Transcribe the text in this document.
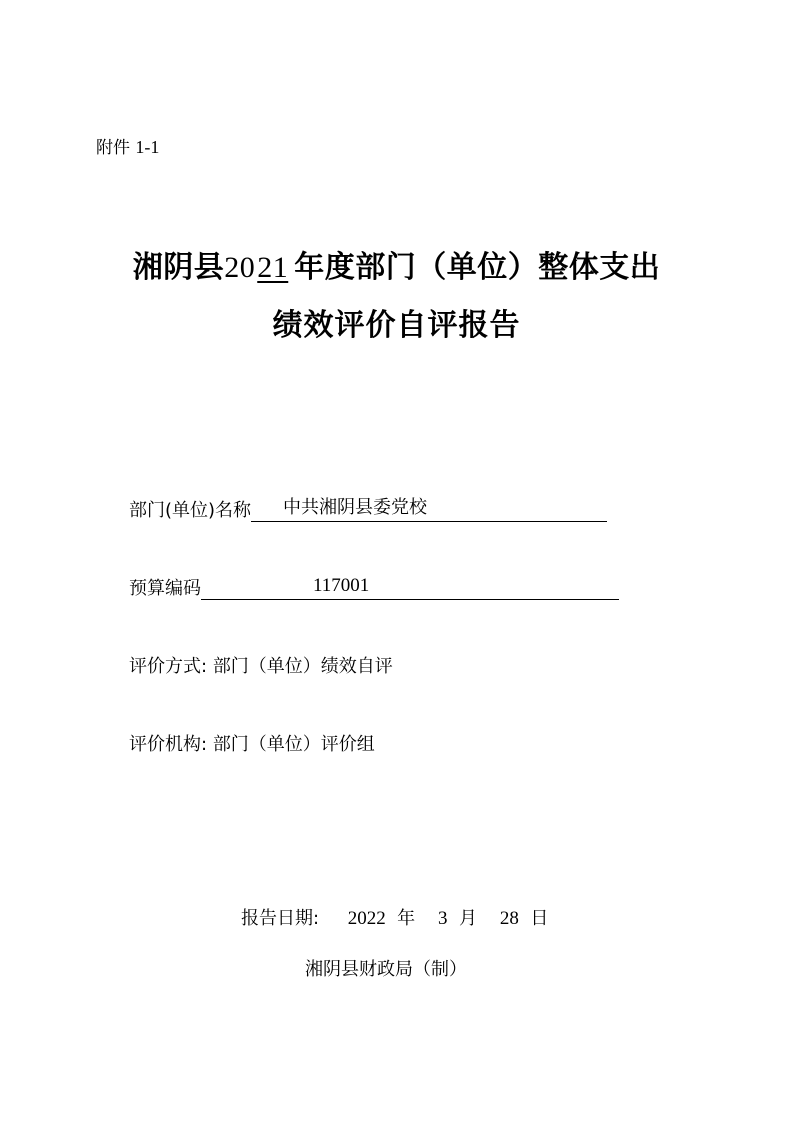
附件 1-1
湘阴县2021 年度部门（单位）整体支出
绩效评价自评报告
部门(单位)名称 中共湘阴县委党校
预算编码	117001
评价方式: 部门（单位）绩效自评
评价机构: 部门（单位）评价组
报告日期: 2022 年 3 月 28 日
湘阴县财政局（制）
